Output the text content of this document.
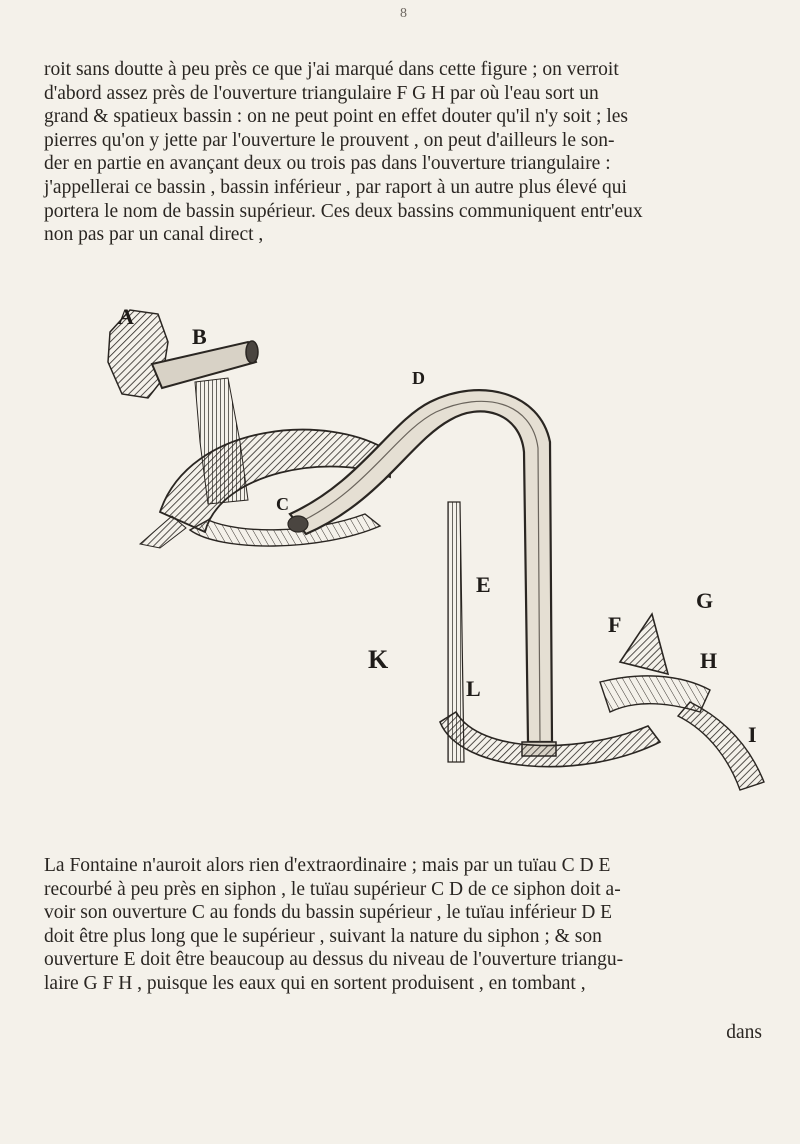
8
roit sans doutte à peu près ce que j'ai marqué dans cette figure ; on verroit
d'abord assez près de l'ouverture triangulaire F G H par où l'eau sort un
grand & spatieux bassin : on ne peut point en effet douter qu'il n'y soit ; les
pierres qu'on y jette par l'ouverture le prouvent , on peut d'ailleurs le son-
der en partie en avançant deux ou trois pas dans l'ouverture triangulaire :
j'appellerai ce bassin , bassin inférieur , par raport à un autre plus élevé qui
portera le nom de bassin supérieur. Ces deux bassins communiquent entr'eux
non pas par un canal direct ,
A
B
C
D
E
F
G
H
I
K
L
La Fontaine n'auroit alors rien d'extraordinaire ; mais par un tuïau C D E
recourbé à peu près en siphon , le tuïau supérieur C D de ce siphon doit a-
voir son ouverture C au fonds du bassin supérieur , le tuïau inférieur D E
doit être plus long que le supérieur , suivant la nature du siphon ; & son
ouverture E doit être beaucoup au dessus du niveau de l'ouverture triangu-
laire G F H , puisque les eaux qui en sortent produisent , en tombant ,
dans
